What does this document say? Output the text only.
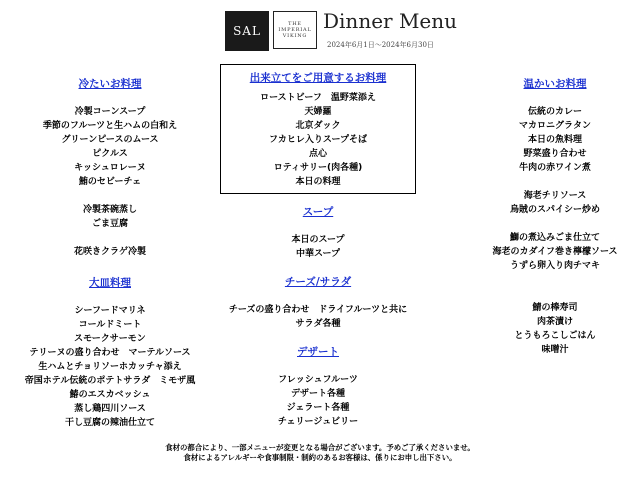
SAL	THE
IMPERIAL
VIKING
Dinner Menu
2024年6月1日～2024年6月30日
冷たいお料理
冷製コーンスープ
季節のフルーツと生ハムの白和え
グリーンピースのムース
ピクルス
キッシュロレーヌ
鮪のセビーチェ
冷製茶碗蒸し
ごま豆腐
花咲きクラゲ冷製
大皿料理
シーフードマリネ
コールドミート
スモークサーモン
テリーヌの盛り合わせ　マーテルソース
生ハムとチョリソーホカッチャ添え
帝国ホテル伝統のポテトサラダ　ミモザ風
鰆のエスカベッシュ
蒸し鶏四川ソース
干し豆腐の辣油仕立て
出来立てをご用意するお料理
ローストビーフ　温野菜添え
天婦羅
北京ダック
フカヒレ入りスープそば
点心
ロティサリー(肉各種)
本日の料理
スープ
本日のスープ
中華スープ
チーズ/サラダ
チーズの盛り合わせ　ドライフルーツと共に
サラダ各種
デザート
フレッシュフルーツ
デザート各種
ジェラート各種
チェリージュビリー
温かいお料理
伝統のカレー
マカロニグラタン
本日の魚料理
野菜盛り合わせ
牛肉の赤ワイン煮
海老チリソース
烏賊のスパイシー炒め
鰤の煮込みごま仕立て
海老のカダイフ巻き檸檬ソース
うずら卵入り肉チマキ
鯖の棒寿司
肉茶漬け
とうもろこしごはん
味噌汁
食材の都合により、一部メニューが変更となる場合がございます。予めご了承くださいませ。
食材によるアレルギーや食事制限・制約のあるお客様は、係りにお申し出下さい。
